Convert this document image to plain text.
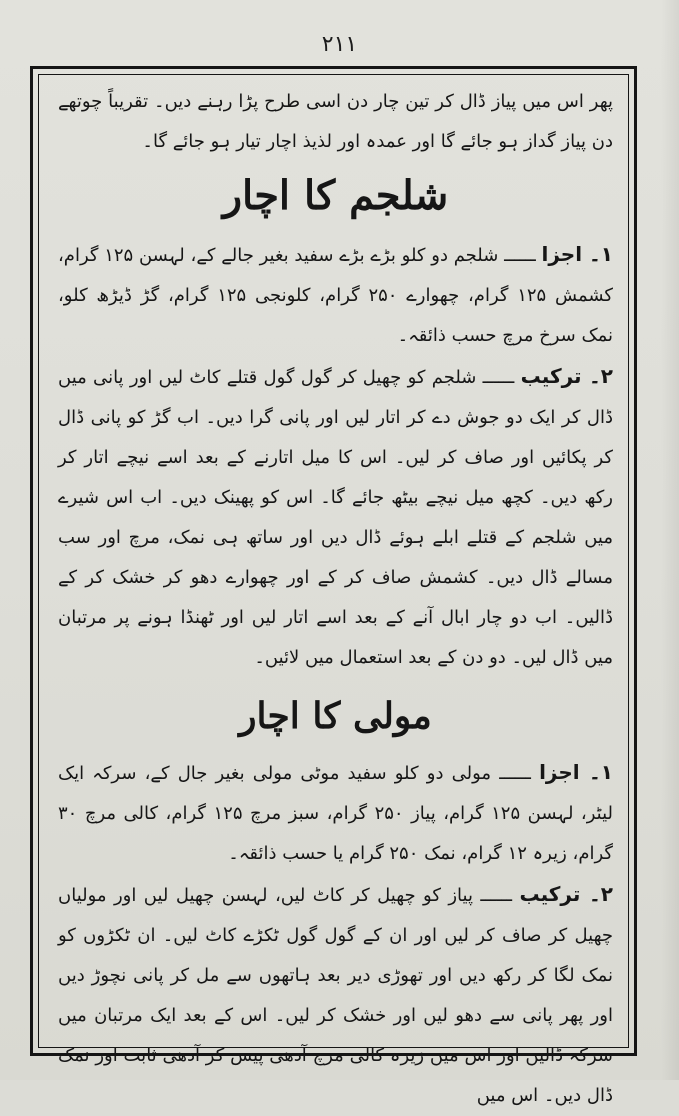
۲۱۱

پھر اس میں پیاز ڈال کر تین چار دن اسی طرح پڑا رہنے دیں۔ تقریباً چوتھے دن پیاز گداز ہو جائے گا اور عمدہ اور لذیذ اچار تیار ہو جائے گا۔

شلجم کا اچار

۱۔ اجزا ــــــ شلجم دو کلو بڑے بڑے سفید بغیر جالے کے، لہسن ۱۲۵ گرام، کشمش ۱۲۵ گرام، چھوارے ۲۵۰ گرام، کلونجی ۱۲۵ گرام، گڑ ڈیڑھ کلو، نمک سرخ مرچ حسب ذائقہ۔

۲۔ ترکیب ــــــ شلجم کو چھیل کر گول گول قتلے کاٹ لیں اور پانی میں ڈال کر ایک دو جوش دے کر اتار لیں اور پانی گرا دیں۔ اب گڑ کو پانی ڈال کر پکائیں اور صاف کر لیں۔ اس کا میل اتارنے کے بعد اسے نیچے اتار کر رکھ دیں۔ کچھ میل نیچے بیٹھ جائے گا۔ اس کو پھینک دیں۔ اب اس شیرے میں شلجم کے قتلے ابلے ہوئے ڈال دیں اور ساتھ ہی نمک، مرچ اور سب مسالے ڈال دیں۔ کشمش صاف کر کے اور چھوارے دھو کر خشک کر کے ڈالیں۔ اب دو چار ابال آنے کے بعد اسے اتار لیں اور ٹھنڈا ہونے پر مرتبان میں ڈال لیں۔ دو دن کے بعد استعمال میں لائیں۔

مولی کا اچار

۱۔ اجزا ــــــ مولی دو کلو سفید موٹی مولی بغیر جال کے، سرکہ ایک لیٹر، لہسن ۱۲۵ گرام، پیاز ۲۵۰ گرام، سبز مرچ ۱۲۵ گرام، کالی مرچ ۳۰ گرام، زیرہ ۱۲ گرام، نمک ۲۵۰ گرام یا حسب ذائقہ۔

۲۔ ترکیب ــــــ پیاز کو چھیل کر کاٹ لیں، لہسن چھیل لیں اور مولیاں چھیل کر صاف کر لیں اور ان کے گول گول ٹکڑے کاٹ لیں۔ ان ٹکڑوں کو نمک لگا کر رکھ دیں اور تھوڑی دیر بعد ہاتھوں سے مل کر پانی نچوڑ دیں اور پھر پانی سے دھو لیں اور خشک کر لیں۔ اس کے بعد ایک مرتبان میں سرکہ ڈالیں اور اس میں زیرہ کالی مرچ آدھی پیس کر آدھی ثابت اور نمک ڈال دیں۔ اس میں
